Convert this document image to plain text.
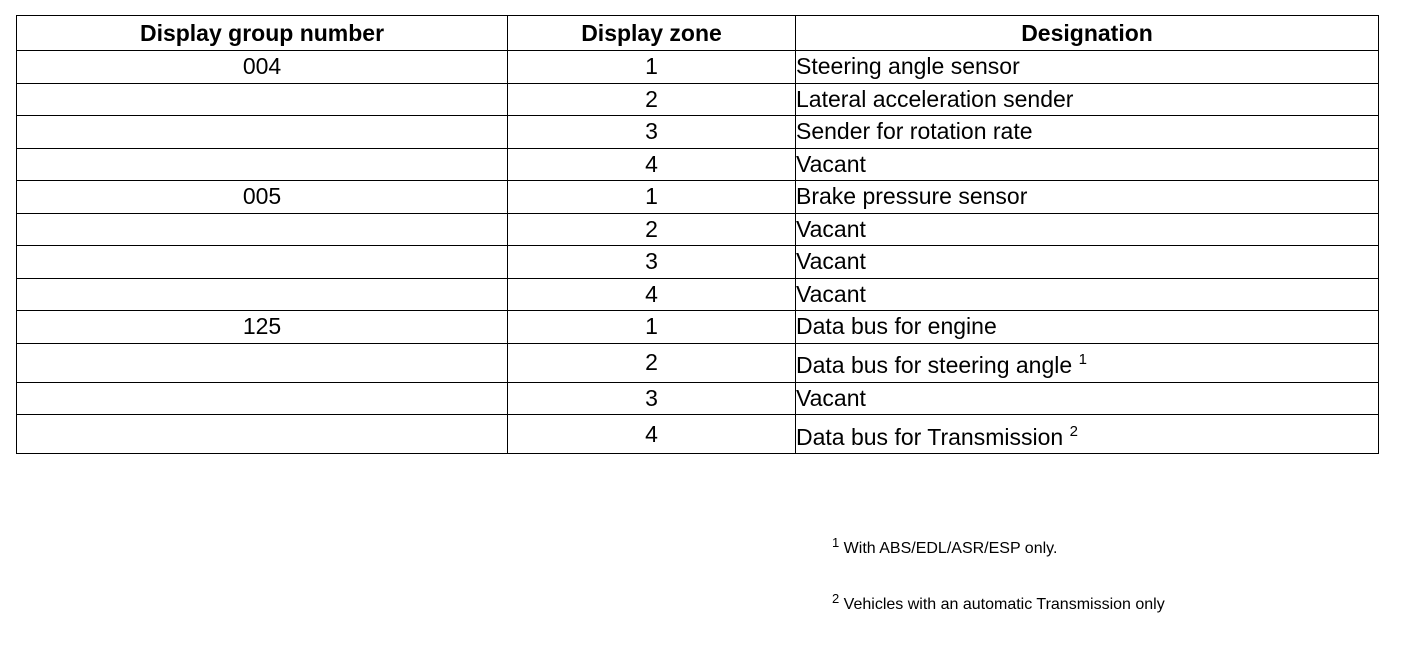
Display group number	Display zone	Designation
004	1	Steering angle sensor
	2	Lateral acceleration sender
	3	Sender for rotation rate
	4	Vacant
005	1	Brake pressure sensor
	2	Vacant
	3	Vacant
	4	Vacant
125	1	Data bus for engine
	2	Data bus for steering angle $^1$
	3	Vacant
	4	Data bus for Transmission $^2$
$^1$ With ABS/EDL/ASR/ESP only.
$^2$ Vehicles with an automatic Transmission only
